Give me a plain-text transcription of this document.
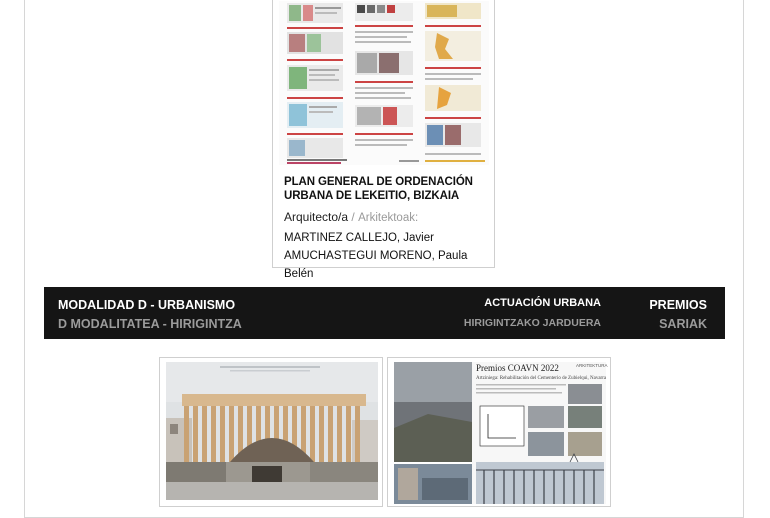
PLAN GENERAL DE ORDENACIÓN URBANA DE LEKEITIO, BIZKAIA

Arquitecto/a / Arkitektoak:
MARTINEZ CALLEJO, Javier
AMUCHASTEGUI MORENO, Paula Belén
MODALIDAD D - URBANISMO
D MODALITATEA - HIRIGINTZA
ACTUACIÓN URBANA
HIRIGINTZAKO JARDUERA
PREMIOS
SARIAK
Premios COAVN 2022	ARKITEKTURA
Artziniega: Rehabilitación del Cementerio de Zubielqui, Navarra
